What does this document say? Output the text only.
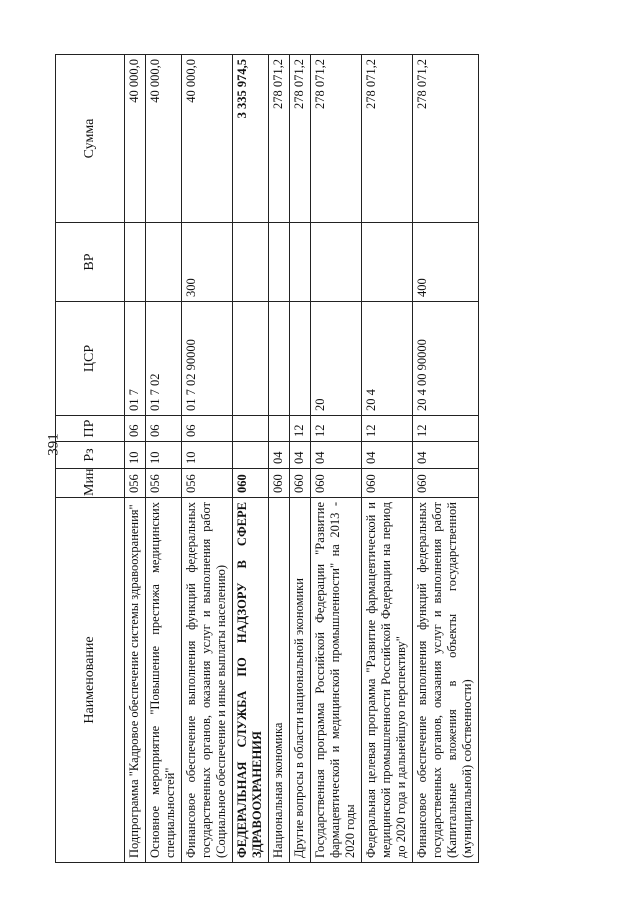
391
Наименование	Мин	Рз	ПР	ЦСР	ВР	Сумма
Подпрограмма "Кадровое обеспечение системы здравоохранения"	056	10	06	01 7		40 000,0
Основное мероприятие "Повышение престижа медицинских специальностей"	056	10	06	01 7 02		40 000,0
Финансовое обеспечение выполнения функций федеральных государственных органов, оказания услуг и выполнения работ (Социальное обеспечение и иные выплаты населению)	056	10	06	01 7 02 90000	300	40 000,0
ФЕДЕРАЛЬНАЯ СЛУЖБА ПО НАДЗОРУ В СФЕРЕ ЗДРАВООХРАНЕНИЯ	060					3 335 974,5
Национальная экономика	060	04				278 071,2
Другие вопросы в области национальной экономики	060	04	12			278 071,2
Государственная программа Российской Федерации "Развитие фармацевтической и медицинской промышленности" на 2013 - 2020 годы	060	04	12	20		278 071,2
Федеральная целевая программа "Развитие фармацевтической и медицинской промышленности Российской Федерации на период до 2020 года и дальнейшую перспективу"	060	04	12	20 4		278 071,2
Финансовое обеспечение выполнения функций федеральных государственных органов, оказания услуг и выполнения работ (Капитальные вложения в объекты государственной (муниципальной) собственности)	060	04	12	20 4 00 90000	400	278 071,2
